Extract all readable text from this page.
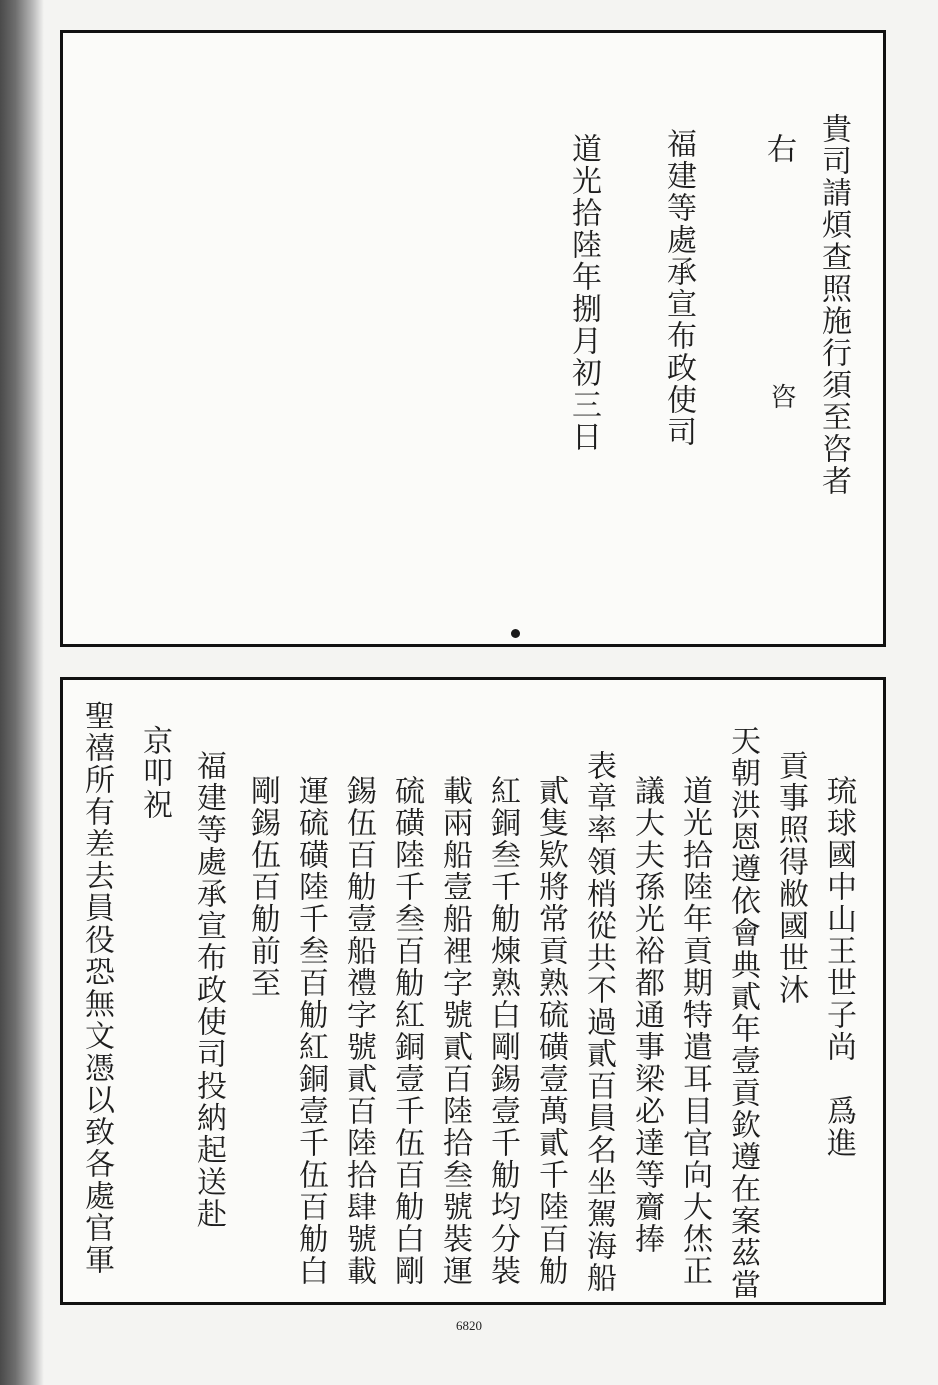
貴司請煩查照施行須至咨者
右
咨
福建等處承宣布政使司
道光拾陸年捌月初三日
琉球國中山王世子尚　爲進
貢事照得敝國世沐
天朝洪恩遵依會典貳年壹貢欽遵在案茲當
道光拾陸年貢期特遣耳目官向大烋正
議大夫孫光裕都通事梁必達等齎捧
表章率領梢從共不過貳百員名坐駕海船
貳隻欵將常貢熟硫磺壹萬貳千陸百觔
紅銅叁千觔煉熟白剛錫壹千觔均分裝
載兩船壹船裡字號貳百陸拾叁號裝運
硫磺陸千叁百觔紅銅壹千伍百觔白剛
錫伍百觔壹船禮字號貳百陸拾肆號載
運硫磺陸千叁百觔紅銅壹千伍百觔白
剛錫伍百觔前至
福建等處承宣布政使司投納起送赴
京叩祝
聖禧所有差去員役恐無文憑以致各處官軍
6820
